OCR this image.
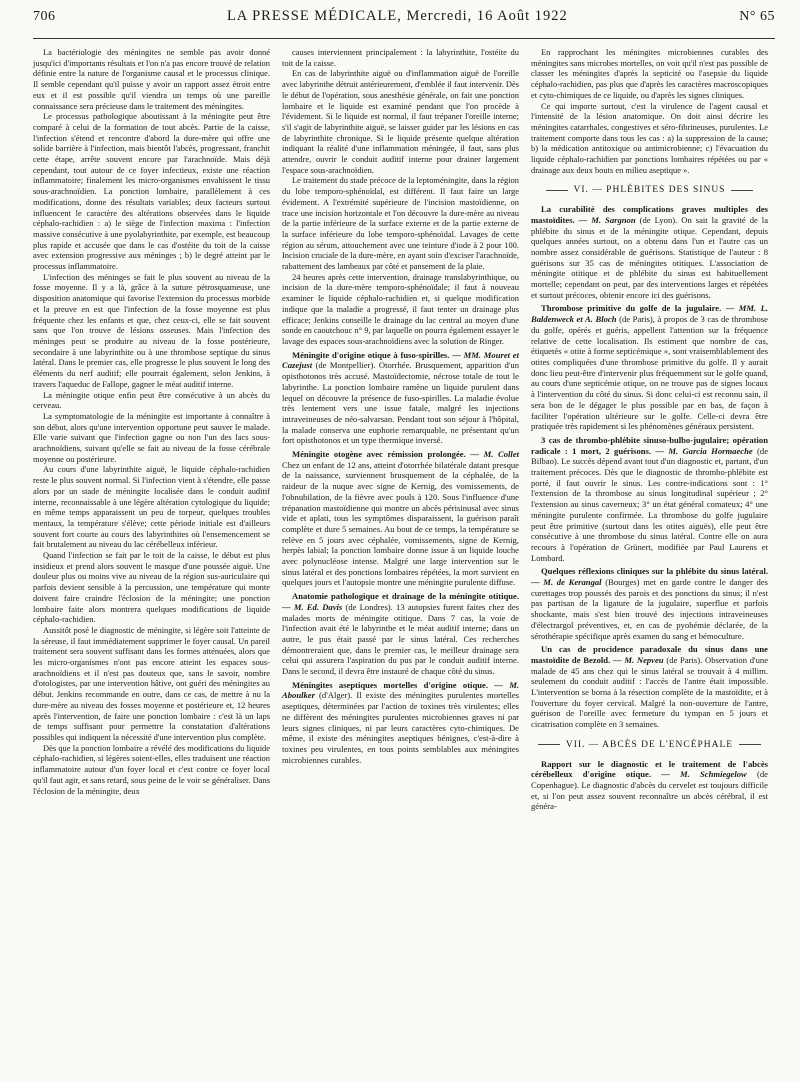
706	LA PRESSE MÉDICALE, Mercredi, 16 Août 1922	N° 65

La bactériologie des méningites ne semble pas avoir donné jusqu'ici d'importants résultats et l'on n'a pas encore trouvé de relation définie entre la nature de l'organisme causal et le processus clinique. Il semble cependant qu'il puisse y avoir un rapport assez étroit entre eux et il est possible qu'il viendra un temps où une pareille connaissance sera précieuse dans le traitement des méningites.

Le processus pathologique aboutissant à la méningite peut être comparé à celui de la formation de tout abcès. Partie de la caisse, l'infection s'étend et rencontre d'abord la dure-mère qui offre une solide barrière à l'infection, mais bientôt l'abcès, progressant, franchit cette étape, arrête souvent encore par l'arachnoïde. Mais déjà cependant, tout autour de ce foyer infectieux, existe une réaction inflammatoire; finalement les micro-organismes envahissent le tissu sous-arachnoïdien. La ponction lombaire, parallèlement à ces modifications, donne des résultats variables; deux facteurs surtout influencent le caractère des altérations observées dans le liquide céphalo-rachidien : a) le siège de l'infection maxima : l'infection massive consécutive à une pyolabyrinthite, par exemple, est beaucoup plus rapide et accusée que dans le cas d'ostéite du toit de la caisse avec extension progressive aux méninges ; b) le degré atteint par le processus inflammatoire.

L'infection des méninges se fait le plus souvent au niveau de la fosse moyenne. Il y a là, grâce à la suture pétrosquameuse, une disposition anatomique qui favorise l'extension du processus morbide et la preuve en est que l'infection de la fosse moyenne est plus fréquente chez les enfants et que, chez ceux-ci, elle se fait souvent sans que l'on trouve de lésions osseuses. Mais l'infection des méninges peut se produire au niveau de la fosse postérieure, secondaire à une labyrinthite ou à une thrombose septique du sinus latéral. Dans le premier cas, elle progresse le plus souvent le long des éléments du nerf auditif; elle pourrait également, selon Jenkins, à travers l'aqueduc de Fallope, gagner le méat auditif interne.

La méningite otique enfin peut être consécutive à un abcès du cerveau.

La symptomatologie de la méningite est importante à connaître à son début, alors qu'une intervention opportune peut sauver le malade. Elle varie suivant que l'infection gagne ou non l'un des lacs sous-arachnoïdiens, suivant qu'elle se fait au niveau de la fosse cérébrale moyenne ou postérieure.

Au cours d'une labyrinthite aiguë, le liquide céphalo-rachidien reste le plus souvent normal. Si l'infection vient à s'étendre, elle passe alors par un stade de méningite localisée dans le conduit auditif interne, reconnaissable à une légère altération cytologique du liquide; en même temps apparaissent un peu de torpeur, quelques troubles mentaux, la température s'élève; cette période initiale est d'ailleurs souvent fort courte au cours des labyrinthites où l'ensemencement se fait brutalement au niveau du lac cérébelleux inférieur.

Quand l'infection se fait par le toit de la caisse, le début est plus insidieux et prend alors souvent le masque d'une poussée aiguë. Une douleur plus ou moins vive au niveau de la région sus-auriculaire qui parfois devient sensible à la percussion, une température qui monte doivent faire craindre l'éclosion de la méningite; une ponction lombaire faite alors montrera quelques modifications de liquide céphalo-rachidien.

Aussitôt posé le diagnostic de méningite, si légère soit l'atteinte de la séreuse, il faut immédiatement supprimer le foyer causal. Un pareil traitement sera souvent suffisant dans les formes atténuées, alors que les micro-organismes n'ont pas encore atteint les espaces sous-arachnoïdiens et il n'est pas douteux que, sans le savoir, nombre d'otologistes, par une intervention hâtive, ont guéri des méningites au début. Jenkins recommande en outre, dans ce cas, de mettre à nu la dure-mère au niveau des fosses moyenne et postérieure et, 12 heures après l'intervention, de faire une ponction lombaire : c'est là un laps de temps suffisant pour permettre la constatation d'altérations possibles qui indiquent la nécessité d'une intervention plus complète.

Dès que la ponction lombaire a révélé des modifications du liquide céphalo-rachidien, si légères soient-elles, elles traduisent une réaction inflammatoire autour d'un foyer local et c'est contre ce foyer local qu'il faut agir, et sans retard, sous peine de le voir se généraliser. Dans l'éclosion de la méningite, deux

causes interviennent principalement : la labyrinthite, l'ostéite du toit de la caisse.

En cas de labyrinthite aiguë ou d'inflammation aiguë de l'oreille avec labyrinthe détruit antérieurement, d'emblée il faut intervenir. Dès le début de l'opération, sous anesthésie générale, on fait une ponction lombaire et le liquide est examiné pendant que l'on procède à l'évidement. Si le liquide est normal, il faut trépaner l'oreille interne; s'il s'agit de labyrinthite aiguë, se laisser guider par les lésions en cas de labyrinthite chronique. Si le liquide présente quelque altération indiquant la réalité d'une inflammation méningée, il faut, sans plus attendre, ouvrir le conduit auditif interne pour drainer largement l'espace sous-arachnoïdien.

Le traitement du stade précoce de la leptoméningite, dans la région du lobe temporo-sphénoïdal, est différent. Il faut faire un large évidement. A l'extrémité supérieure de l'incision mastoïdienne, on trace une incision horizontale et l'on découvre la dure-mère au niveau de la partie inférieure de la surface externe et de la partie externe de la surface inférieure du lobe temporo-sphénoïdal. Lavages de cette région au sérum, attouchement avec une teinture d'iode à 2 pour 100. Incision cruciale de la dure-mère, en ayant soin d'exciser l'arachnoïde, rabattement des lambeaux par côté et pansement de la plaie.

24 heures après cette intervention, drainage translabyrinthique, ou incision de la dure-mère temporo-sphénoïdale; il faut à nouveau examiner le liquide céphalo-rachidien et, si quelque modification indique que la maladie a progressé, il faut tenter un drainage plus efficace; Jenkins conseille le drainage du lac central au moyen d'une sonde en caoutchouc n° 9, par laquelle on pourra également essayer le lavage des espaces sous-arachnoïdiens avec la solution de Ringer.

Méningite d'origine otique à fuso-spirilles. — MM. Mouret et Cazejust (de Montpellier). Otorrhée. Brusquement, apparition d'un opisthotonos très accusé. Mastoïdectomie, nécrose totale de tout le labyrinthe. La ponction lombaire ramène un liquide purulent dans lequel on découvre la présence de fuso-spirilles. La maladie évolue très lentement vers une issue fatale, malgré les injections intraveineuses de néo-salvarsan. Pendant tout son séjour à l'hôpital, la malade conserva une euphorie remarquable, ne présentant qu'un fort opisthotonos et un type thermique inversé.
Méningite otogène avec rémission prolongée. — M. Collet Chez un enfant de 12 ans, atteint d'otorrhée bilatérale datant presque de la naissance, surviennent brusquement de la céphalée, de la raideur de la nuque avec signe de Kernig, des vomissements, de l'obnubilation, de la fièvre avec pouls à 120. Sous l'influence d'une trépanation mastoïdienne qui montre un abcès périsinusal avec sinus vide et aplati, tous les symptômes disparaissent, la guérison paraît complète et dure 5 semaines. Au bout de ce temps, la température se relève en 5 jours avec céphalée, vomissements, signe de Kernig, herpès labial; la ponction lombaire donne issue à un liquide louche avec polynucléose intense. Malgré une large intervention sur le sinus latéral et des ponctions lombaires répétées, la mort survient en quelques jours et l'autopsie montre une méningite purulente diffuse.
Anatomie pathologique et drainage de la méningite otitique. — M. Ed. Davis (de Londres). 13 autopsies furent faites chez des malades morts de méningite otitique. Dans 7 cas, la voie de l'infection avait été le labyrinthe et le méat auditif interne; dans un autre, le pus était passé par le sinus latéral. Ces recherches démontreraient que, dans le premier cas, le meilleur drainage sera celui qui assurera l'aspiration du pus par le conduit auditif interne. Dans le second, il devra être instauré de chaque côté du sinus.
Méningites aseptiques mortelles d'origine otique. — M. Aboulker (d'Alger). Il existe des méningites purulentes mortelles aseptiques, déterminées par l'action de toxines très virulentes; elles ne diffèrent des méningites purulentes microbiennes graves ni par leurs signes cliniques, ni par leurs caractères cyto-chimiques. De même, il existe des méningites aseptiques bénignes, c'est-à-dire à toxines peu virulentes, en tous points semblables aux méningites microbiennes curables.

En rapprochant les méningites microbiennes curables des méningites sans microbes mortelles, on voit qu'il n'est pas possible de classer les méningites d'après la septicité ou l'asepsie du liquide céphalo-rachidien, pas plus que d'après les caractères macroscopiques et cyto-chimiques de ce liquide, ou d'après les signes cliniques.

Ce qui importe surtout, c'est la virulence de l'agent causal et l'intensité de la lésion anatomique. On doit ainsi décrire les méningites catarrhales, congestives et séro-fibrineuses, purulentes. Le traitement comporte dans tous les cas : a) la suppression de la cause; b) la médication antitoxique ou antimicrobienne; c) l'évacuation du liquide céphalo-rachidien par ponctions lombaires répétées ou par « drainage aux deux bouts en milieu aseptique ».

VI. — PHLÉBITES DES SINUS
La curabilité des complications graves multiples des mastoïdites. — M. Sargnon (de Lyon). On sait la gravité de la phlébite du sinus et de la méningite otique. Cependant, depuis quelques années surtout, on a obtenu dans l'un et l'autre cas un nombre assez considérable de guérisons. Statistique de l'auteur : 8 guérisons sur 35 cas de méningites otitiques. L'association de méningite otitique et de phlébite du sinus est habituellement mortelle; cependant on peut, par des interventions larges et répétées et surtout précoces, obtenir encore ici des guérisons.
Thrombose primitive du golfe de la jugulaire. — MM. L. Baldenweck et A. Bloch (de Paris), à propos de 3 cas de thrombose du golfe, opérés et guéris, appellent l'attention sur la fréquence relative de cette localisation. Ils estiment que nombre de cas, étiquetés « otite à forme septicémique », sont vraisemblablement des otites compliquées d'une thrombose primitive du golfe. Il y aurait donc lieu peut-être d'intervenir plus fréquemment sur le golfe quand, au cours d'une septicémie otique, on ne trouve pas de signes locaux à l'intervention du côté du sinus. Si donc celui-ci est reconnu sain, il sera bon de le dégager le plus possible par en bas, de façon à faciliter l'opération ultérieure sur le golfe. Celle-ci devra être pratiquée très rapidement si les phénomènes généraux persistent.
3 cas de thrombo-phlébite sinuso-bulbo-jugulaire; opération radicale : 1 mort, 2 guérisons. — M. Garcia Hormaeche (de Bilbao). Le succès dépend avant tout d'un diagnostic et, partant, d'un traitement précoces. Dès que le diagnostic de thrombo-phlébite est porté, il faut ouvrir le sinus. Les contre-indications sont : 1° l'extension de la thrombose au sinus longitudinal supérieur ; 2° l'extension au sinus caverneux; 3° un état général comateux; 4° une méningite purulente confirmée. La thrombose du golfe jugulaire peut être primitive (surtout dans les otites aiguës), elle peut être consécutive à une thrombose du sinus latéral. Contre elle on aura recours à l'opération de Grünert, modifiée par Paul Laurens et Lombard.
Quelques réflexions cliniques sur la phlébite du sinus latéral. — M. de Kerangal (Bourges) met en garde contre le danger des curettages trop poussés des parois et des ponctions du sinus; il n'est pas partisan de la ligature de la jugulaire, superflue et parfois shockante, mais s'est bien trouvé des injections intraveineuses d'électrargol préventives, et, en cas de pyohémie déclarée, de la sérothérapie spécifique après examen du sang et bémoculture.
Un cas de procidence paradoxale du sinus dans une mastoïdite de Bezold. — M. Nepveu (de Paris). Observation d'une malade de 45 ans chez qui le sinus latéral se trouvait à 4 millim. seulement du conduit auditif : l'accès de l'antre était impossible. L'intervention se borna à la résection complète de la mastoïdite, et à l'ouverture du foyer cervical. Malgré la non-ouverture de l'antre, guérison de l'oreille avec fermeture du tympan en 5 jours et cicatrisation complète en 3 semaines.
VII. — ABCÈS DE L'ENCÉPHALE
Rapport sur le diagnostic et le traitement de l'abcès cérébelleux d'origine otique. — M. Schmiegelow (de Copenhague). Le diagnostic d'abcès du cervelet est toujours difficile et, si l'on peut assez souvent reconnaître un abcès cérébral, il est généra-
